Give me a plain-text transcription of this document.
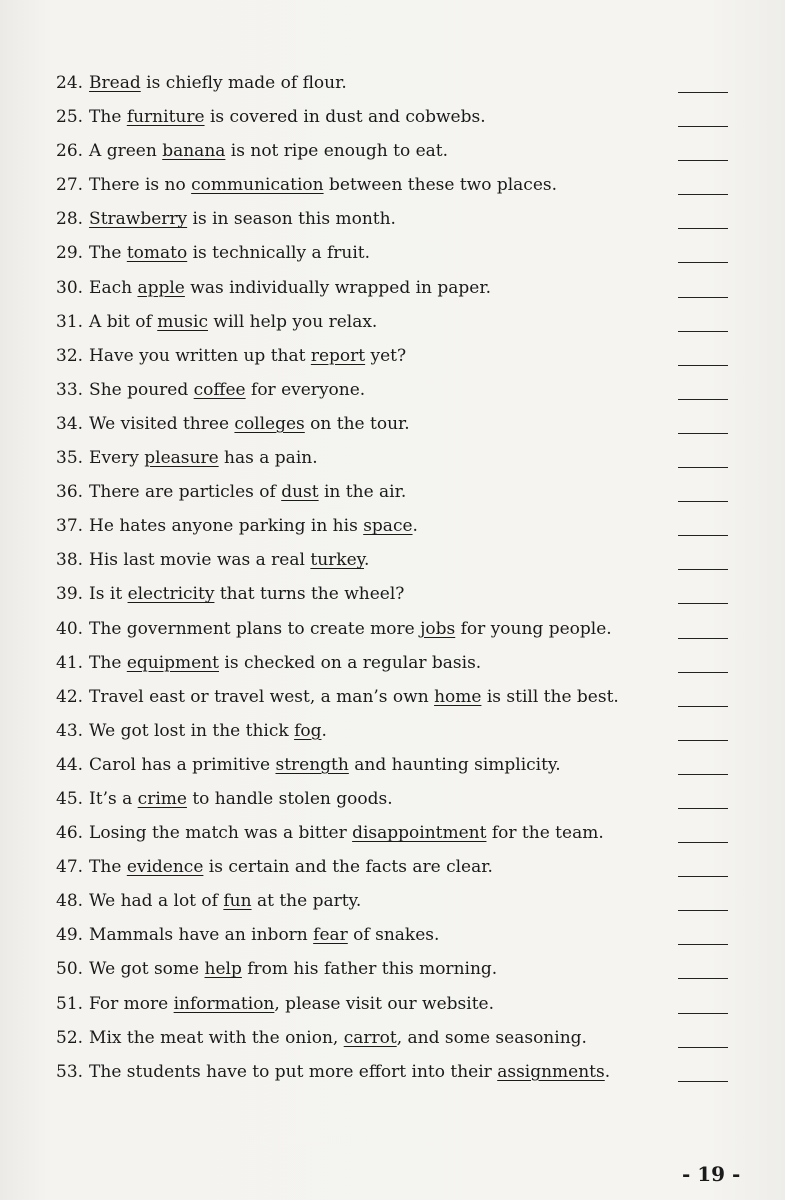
24. Bread is chiefly made of flour.
25. The furniture is covered in dust and cobwebs.
26. A green banana is not ripe enough to eat.
27. There is no communication between these two places.
28. Strawberry is in season this month.
29. The tomato is technically a fruit.
30. Each apple was individually wrapped in paper.
31. A bit of music will help you relax.
32. Have you written up that report yet?
33. She poured coffee for everyone.
34. We visited three colleges on the tour.
35. Every pleasure has a pain.
36. There are particles of dust in the air.
37. He hates anyone parking in his space.
38. His last movie was a real turkey.
39. Is it electricity that turns the wheel?
40. The government plans to create more jobs for young people.
41. The equipment is checked on a regular basis.
42. Travel east or travel west, a man’s own home is still the best.
43. We got lost in the thick fog.
44. Carol has a primitive strength and haunting simplicity.
45. It’s a crime to handle stolen goods.
46. Losing the match was a bitter disappointment for the team.
47. The evidence is certain and the facts are clear.
48. We had a lot of fun at the party.
49. Mammals have an inborn fear of snakes.
50. We got some help from his father this morning.
51. For more information, please visit our website.
52. Mix the meat with the onion, carrot, and some seasoning.
53. The students have to put more effort into their assignments.
- 19 -
